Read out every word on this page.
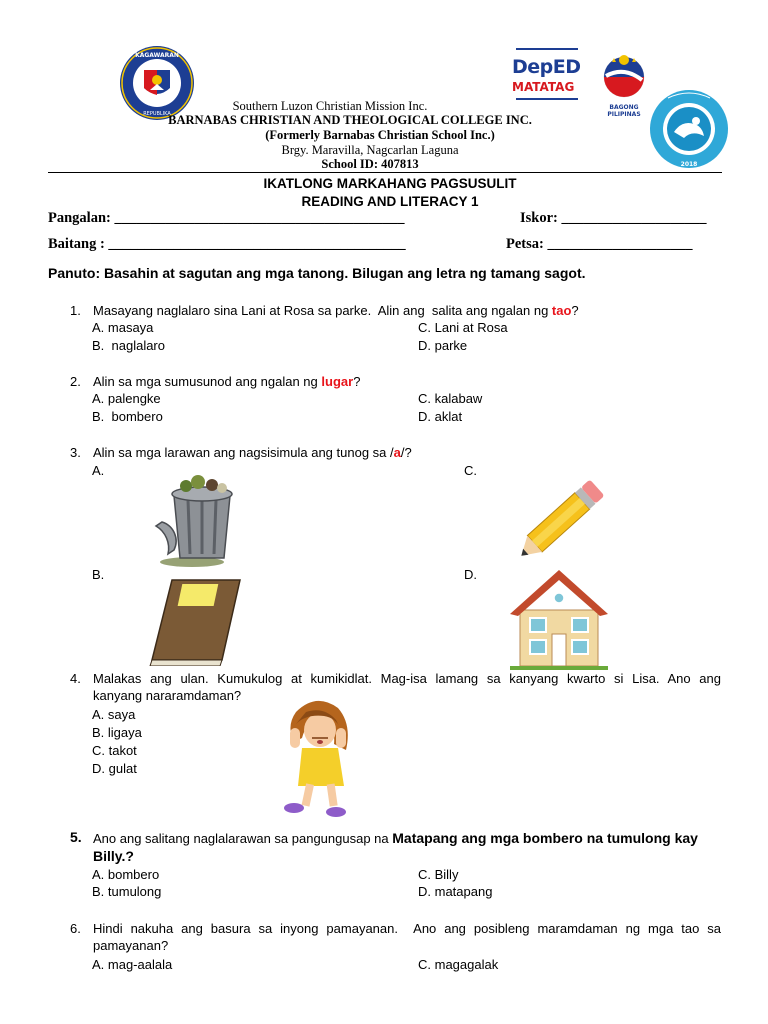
KAGAWARAN
REPUBLIKA
DepED
MATATAG
BAGONG PILIPINAS
2018
Southern Luzon Christian Mission Inc.
BARNABAS CHRISTIAN AND THEOLOGICAL COLLEGE INC.
(Formerly Barnabas Christian School Inc.)
Brgy. Maravilla, Nagcarlan Laguna
School ID: 407813
IKATLONG MARKAHANG PAGSUSULIT
READING AND LITERACY 1
Pangalan: ________________________________________	Iskor: ____________________
Baitang : _________________________________________	Petsa: ____________________
Panuto: Basahin at sagutan ang mga tanong. Bilugan ang letra ng tamang sagot.
1. Masayang naglalaro sina Lani at Rosa sa parke.  Alin ang  salita ang ngalan ng tao?
A. masaya
B.  naglalaro
C. Lani at Rosa
D. parke
2. Alin sa mga sumusunod ang ngalan ng lugar?
A. palengke
B.  bombero
C. kalabaw
D. aklat
3. Alin sa mga larawan ang nagsisimula ang tunog sa /a/?
A.
B.
C.
D.
4. Malakas ang ulan. Kumukulog at kumikidlat. Mag-isa lamang sa kanyang kwarto si Lisa. Ano ang
kanyang nararamdaman?
A. saya
B. ligaya
C. takot
D. gulat
5. Ano ang salitang naglalarawan sa pangungusap na Matapang ang mga bombero na tumulong kay
Billy.?
A. bombero
B. tumulong
C. Billy
D. matapang
6. Hindi nakuha ang basura sa inyong pamayanan.  Ano ang posibleng maramdaman ng mga tao sa
pamayanan?
A. mag-aalala	C. magagalak
